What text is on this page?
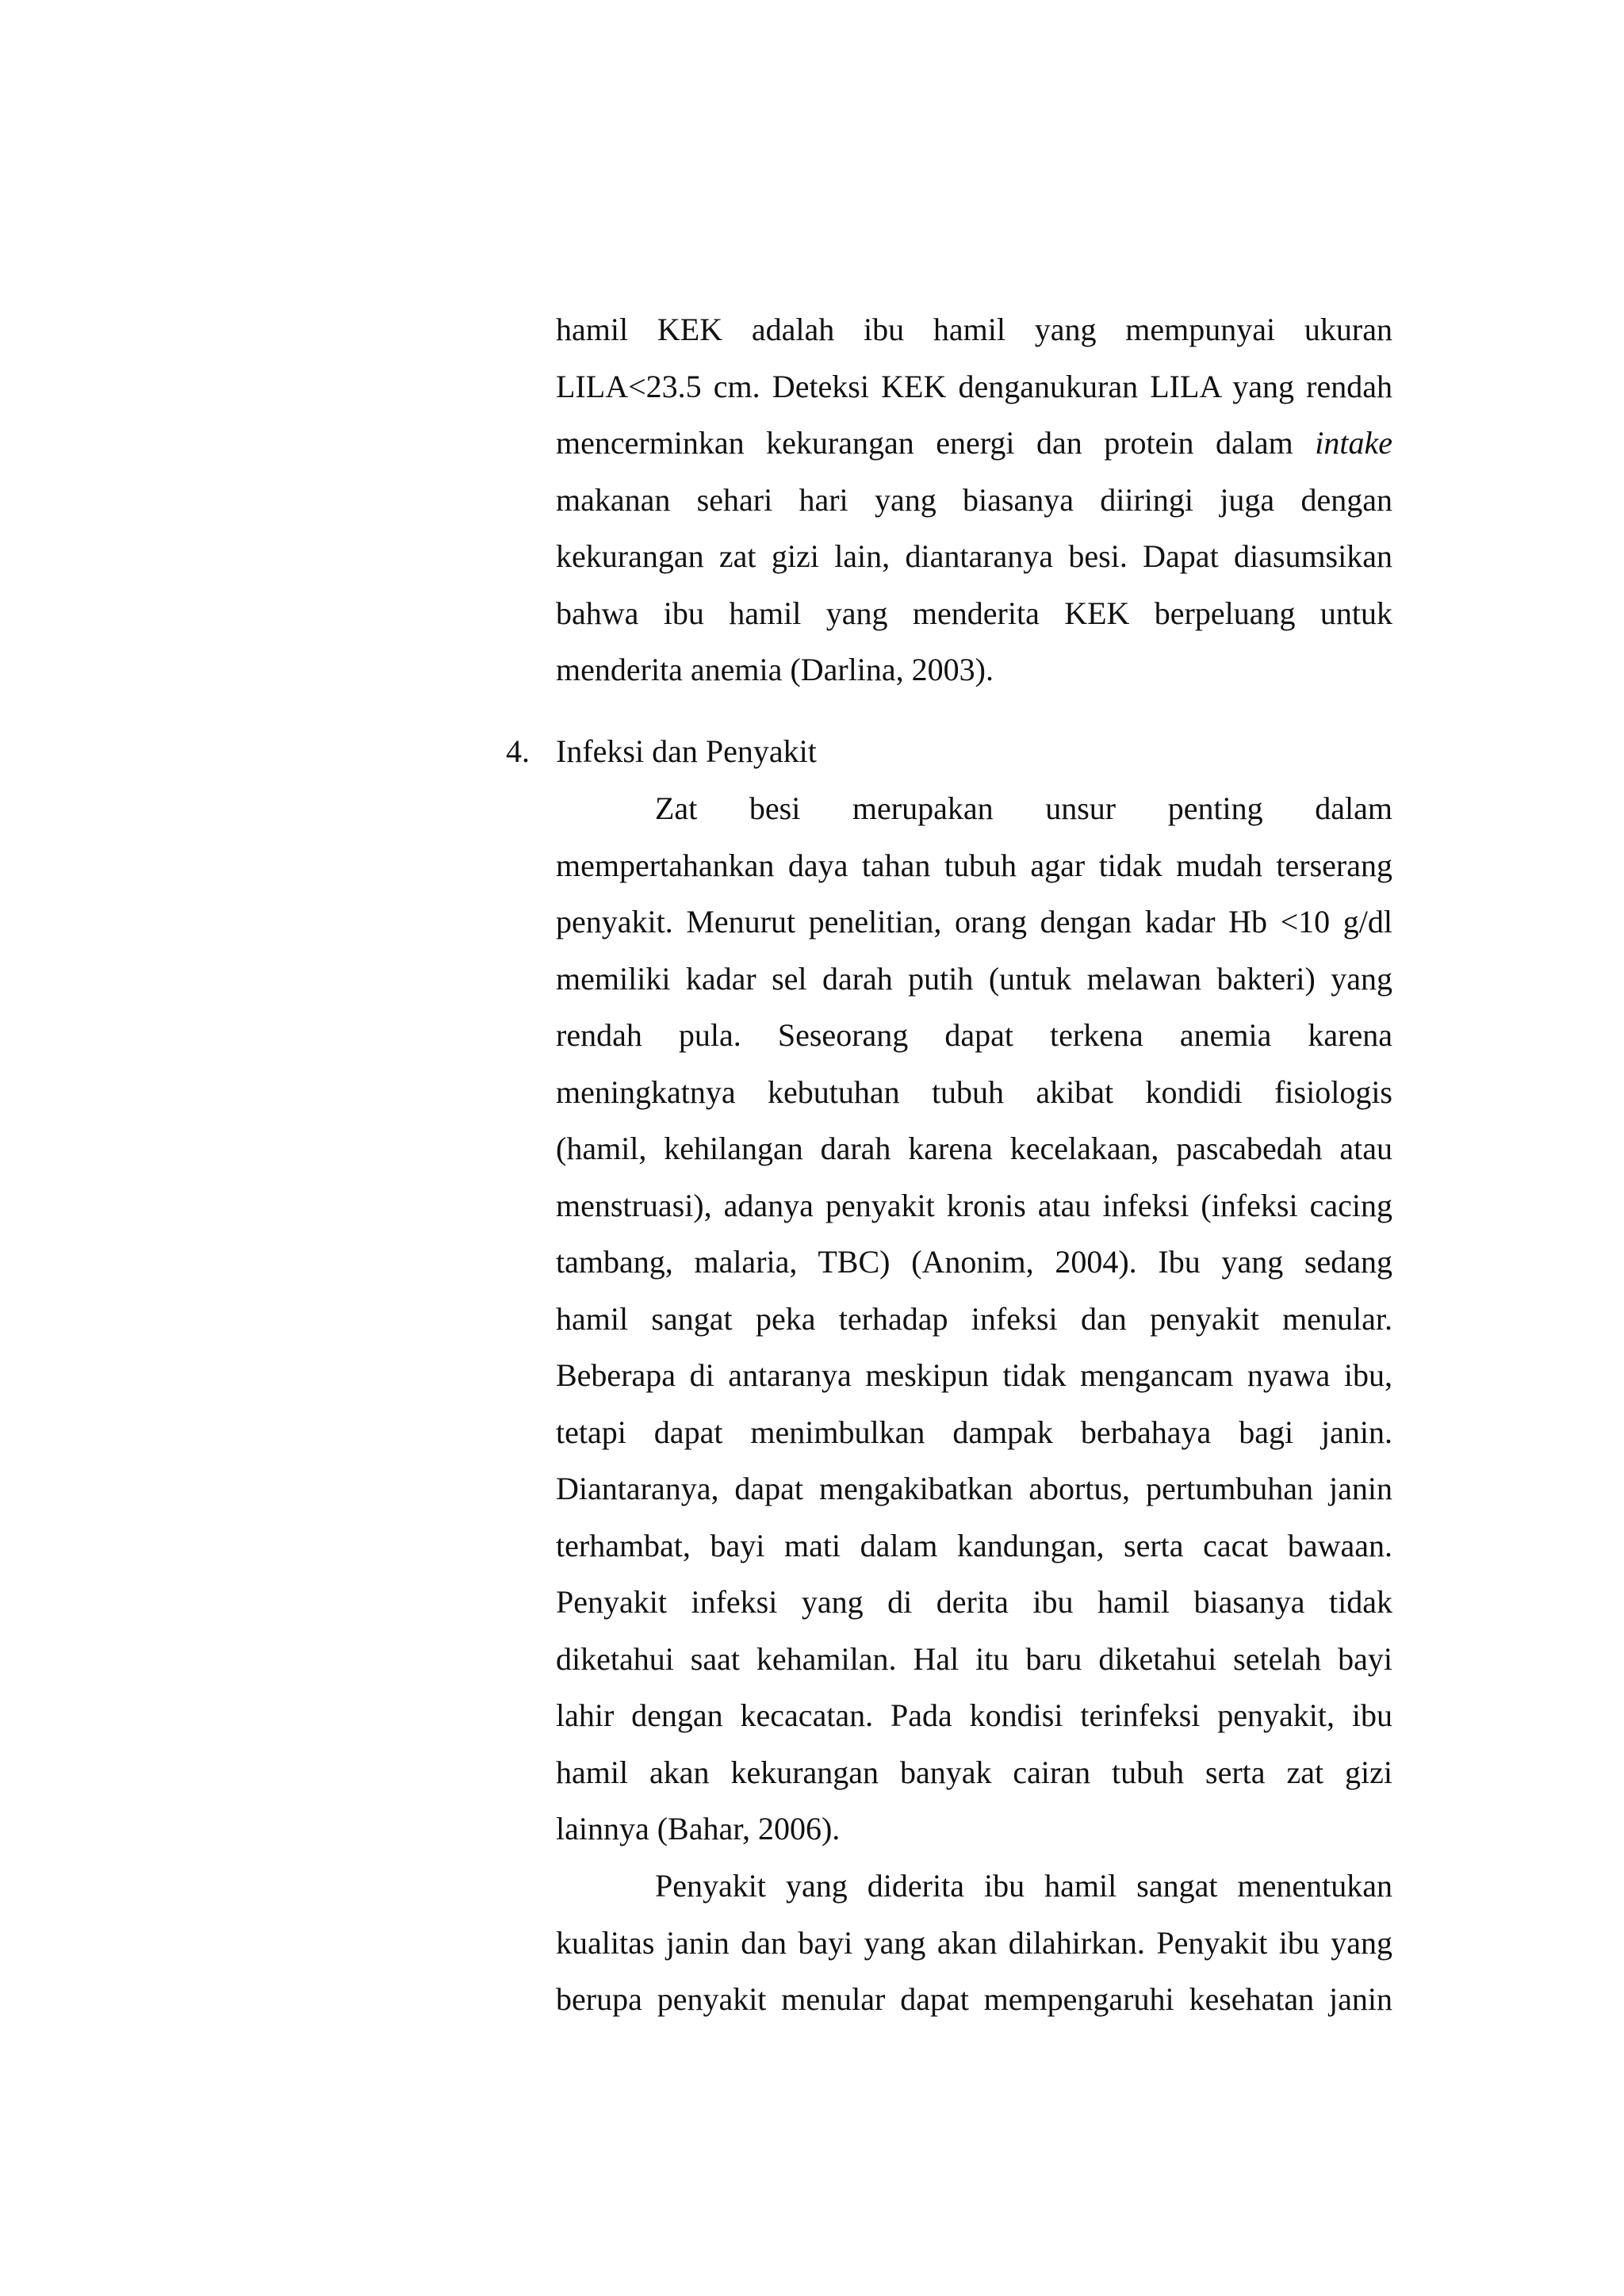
hamil KEK adalah ibu hamil yang mempunyai ukuran
LILA<23.5 cm. Deteksi KEK denganukuran LILA yang rendah
mencerminkan kekurangan energi dan protein dalam intake
makanan sehari hari yang biasanya diiringi juga dengan
kekurangan zat gizi lain, diantaranya besi. Dapat diasumsikan
bahwa ibu hamil yang menderita KEK berpeluang untuk
menderita anemia (Darlina, 2003).
4. Infeksi dan Penyakit
Zat besi merupakan unsur penting dalam
mempertahankan daya tahan tubuh agar tidak mudah terserang
penyakit. Menurut penelitian, orang dengan kadar Hb <10 g/dl
memiliki kadar sel darah putih (untuk melawan bakteri) yang
rendah pula. Seseorang dapat terkena anemia karena
meningkatnya kebutuhan tubuh akibat kondidi fisiologis
(hamil, kehilangan darah karena kecelakaan, pascabedah atau
menstruasi), adanya penyakit kronis atau infeksi (infeksi cacing
tambang, malaria, TBC) (Anonim, 2004). Ibu yang sedang
hamil sangat peka terhadap infeksi dan penyakit menular.
Beberapa di antaranya meskipun tidak mengancam nyawa ibu,
tetapi dapat menimbulkan dampak berbahaya bagi janin.
Diantaranya, dapat mengakibatkan abortus, pertumbuhan janin
terhambat, bayi mati dalam kandungan, serta cacat bawaan.
Penyakit infeksi yang di derita ibu hamil biasanya tidak
diketahui saat kehamilan. Hal itu baru diketahui setelah bayi
lahir dengan kecacatan. Pada kondisi terinfeksi penyakit, ibu
hamil akan kekurangan banyak cairan tubuh serta zat gizi
lainnya (Bahar, 2006).
Penyakit yang diderita ibu hamil sangat menentukan
kualitas janin dan bayi yang akan dilahirkan. Penyakit ibu yang
berupa penyakit menular dapat mempengaruhi kesehatan janin
